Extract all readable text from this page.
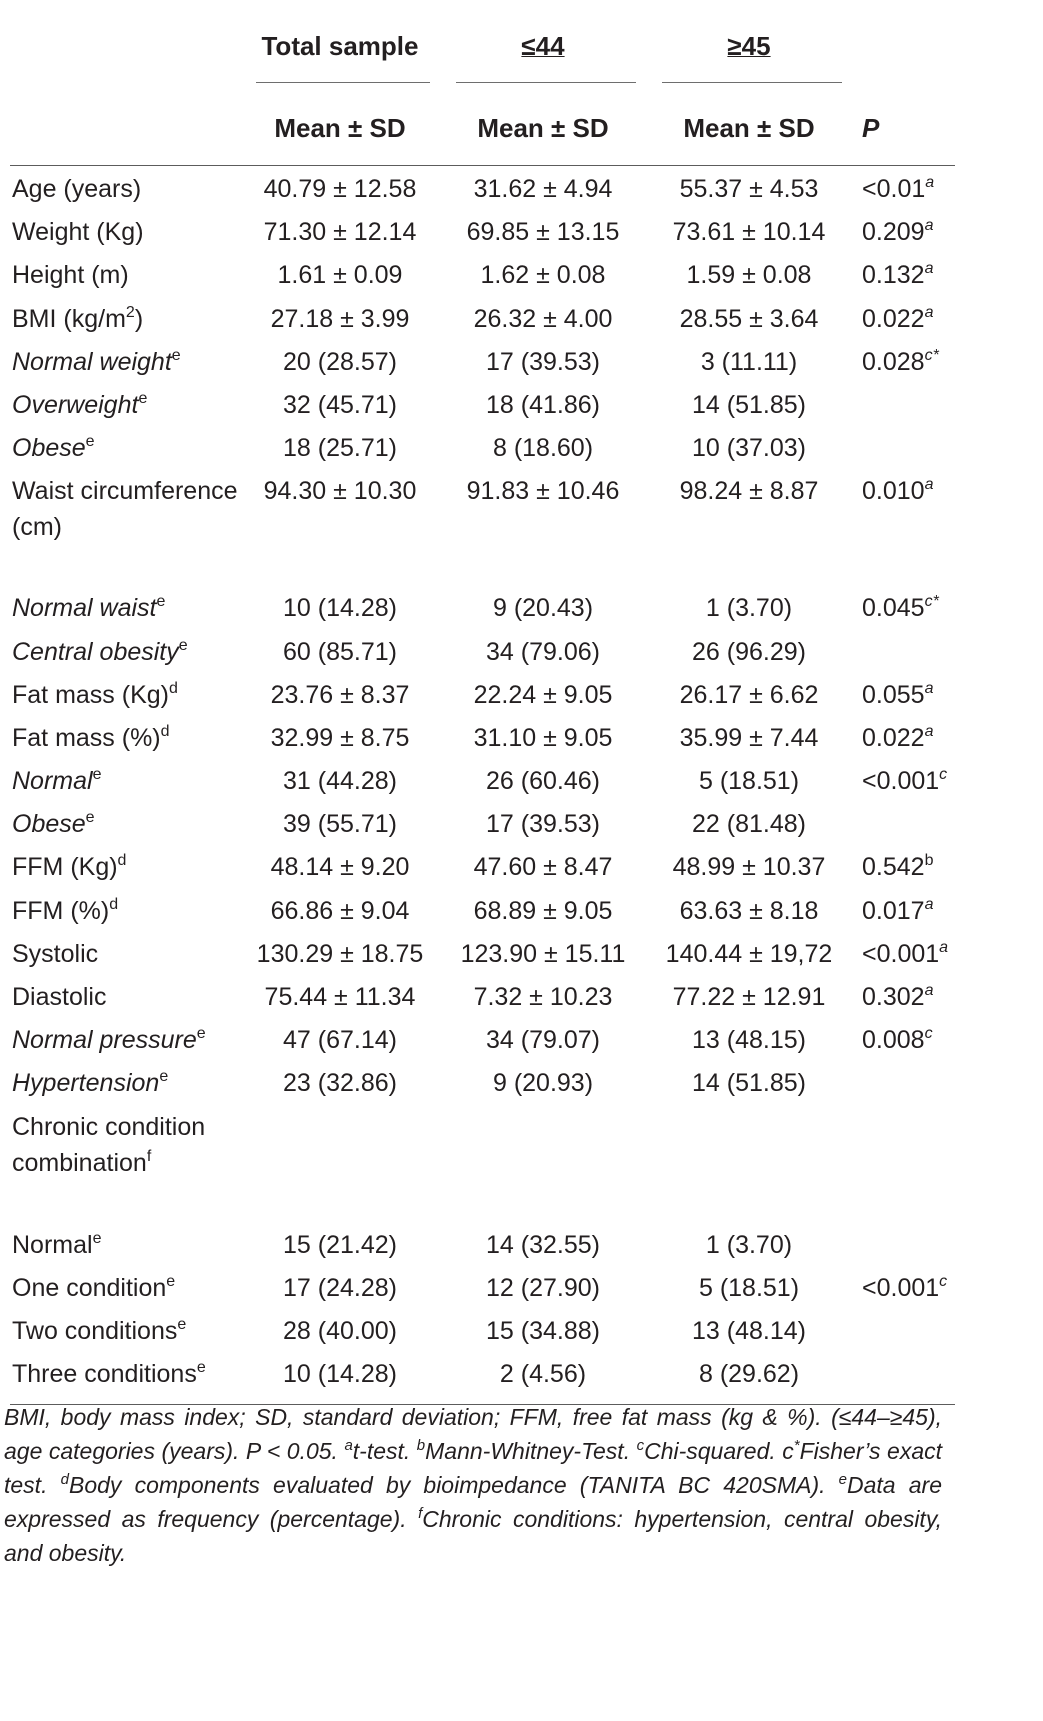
	Total sample	≤44	≥45	

	Mean ± SD	Mean ± SD	Mean ± SD	P

Age (years)	40.79 ± 12.58	31.62 ± 4.94	55.37 ± 4.53	<0.01$^a$
Weight (Kg)	71.30 ± 12.14	69.85 ± 13.15	73.61 ± 10.14	0.209$^a$
Height (m)	1.61 ± 0.09	1.62 ± 0.08	1.59 ± 0.08	0.132$^a$
BMI $(kg/m^2)$	27.18 ± 3.99	26.32 ± 4.00	28.55 ± 3.64	0.022$^a$
Normal weight$^e$	20 (28.57)	17 (39.53)	3 (11.11)	$0.028^{c*}$
Overweight$^e$	32 (45.71)	18 (41.86)	14 (51.85)	
Obese$^e$	18 (25.71)	8 (18.60)	10 (37.03)	
Waist circumference (cm)	94.30 ± 10.30	91.83 ± 10.46	98.24 ± 8.87	0.010$^a$
Normal waist$^e$	10 (14.28)	9 (20.43)	1 (3.70)	$0.045^{c*}$
Central obesity$^e$	60 (85.71)	34 (79.06)	26 (96.29)	
Fat mass $(Kg)^d$	23.76 ± 8.37	22.24 ± 9.05	26.17 ± 6.62	0.055$^a$
Fat mass (%)$^d$	32.99 ± 8.75	31.10 ± 9.05	35.99 ± 7.44	0.022$^a$
Normal$^e$	31 (44.28)	26 (60.46)	5 (18.51)	<0.001$^c$
Obese$^e$	39 (55.71)	17 (39.53)	22 (81.48)	
FFM $(Kg)^d$	48.14 ± 9.20	47.60 ± 8.47	48.99 ± 10.37	0.542$^b$
FFM (%)$^d$	66.86 ± 9.04	68.89 ± 9.05	63.63 ± 8.18	0.017$^a$
Systolic	130.29 ± 18.75	123.90 ± 15.11	140.44 ± 19,72	<0.001$^a$
Diastolic	75.44 ± 11.34	7.32 ± 10.23	77.22 ± 12.91	0.302$^a$
Normal pressure$^e$	47 (67.14)	34 (79.07)	13 (48.15)	0.008$^c$
Hypertension$^e$	23 (32.86)	9 (20.93)	14 (51.85)	
Chronic condition combination$^f$				
Normal$^e$	15 (21.42)	14 (32.55)	1 (3.70)	
One condition$^e$	17 (24.28)	12 (27.90)	5 (18.51)	<0.001$^c$
Two conditions$^e$	28 (40.00)	15 (34.88)	13 (48.14)	
Three conditions$^e$	10 (14.28)	2 (4.56)	8 (29.62)	

BMI, body mass index; SD, standard deviation; FFM, free fat mass (kg & %). (≤44–≥45), age categories (years). P < 0.05. $^a$t-test. $^b$Mann-Whitney-Test. $^c$Chi-squared. c*Fisher’s exact test. $^d$Body components evaluated by bioimpedance (TANITA BC 420SMA). $^e$Data are expressed as frequency (percentage). $^f$Chronic conditions: hypertension, central obesity, and obesity.
